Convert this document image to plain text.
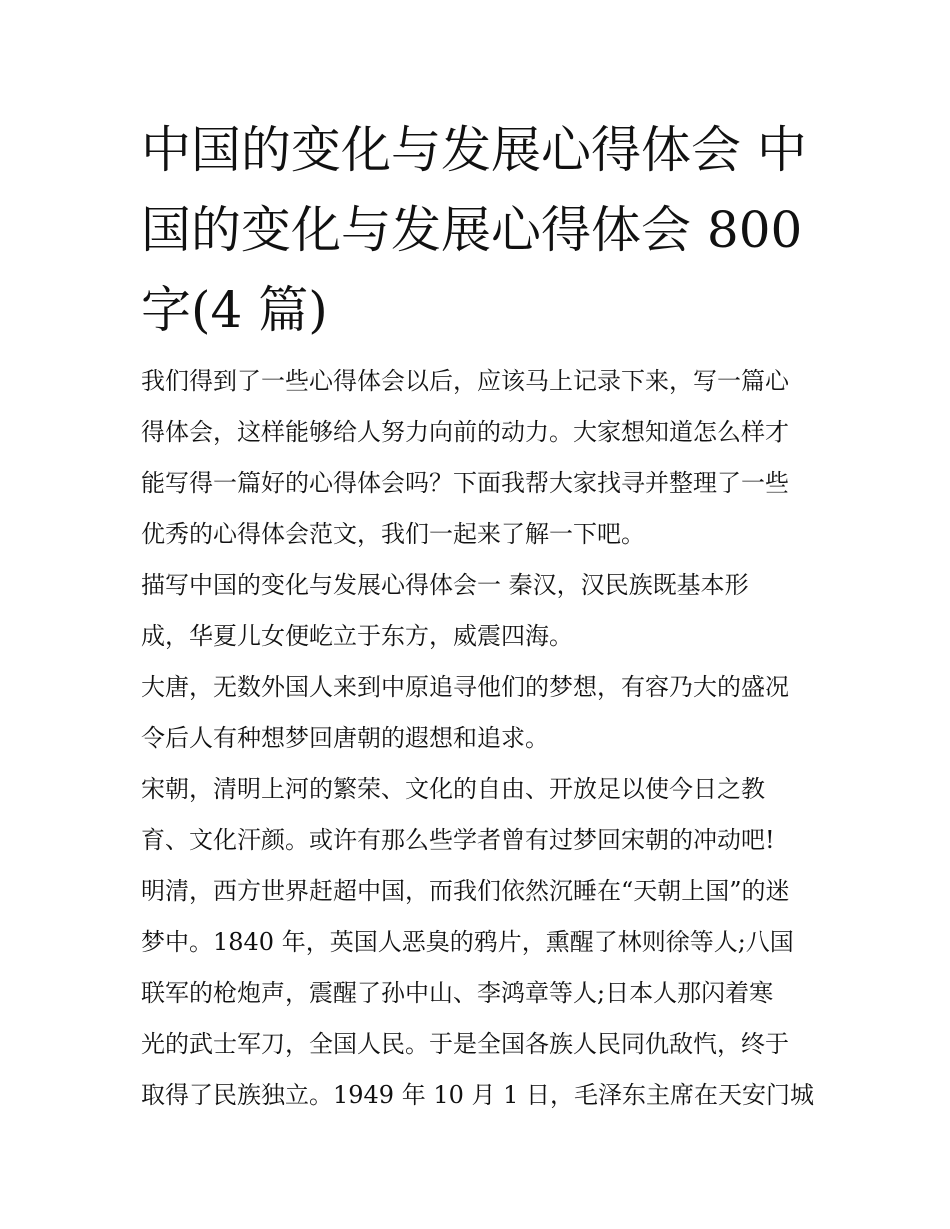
中国的变化与发展心得体会 中
国的变化与发展心得体会 800
字(4 篇)

我们得到了一些心得体会以后，应该马上记录下来，写一篇心
得体会，这样能够给人努力向前的动力。大家想知道怎么样才
能写得一篇好的心得体会吗？下面我帮大家找寻并整理了一些
优秀的心得体会范文，我们一起来了解一下吧。

描写中国的变化与发展心得体会一 秦汉，汉民族既基本形
成，华夏儿女便屹立于东方，威震四海。

大唐，无数外国人来到中原追寻他们的梦想，有容乃大的盛况
令后人有种想梦回唐朝的遐想和追求。

宋朝，清明上河的繁荣、文化的自由、开放足以使今日之教
育、文化汗颜。或许有那么些学者曾有过梦回宋朝的冲动吧!

明清，西方世界赶超中国，而我们依然沉睡在“天朝上国”的迷
梦中。1840 年，英国人恶臭的鸦片，熏醒了林则徐等人;八国
联军的枪炮声，震醒了孙中山、李鸿章等人;日本人那闪着寒
光的武士军刀，全国人民。于是全国各族人民同仇敌忾，终于
取得了民族独立。1949 年 10 月 1 日，毛泽东主席在天安门城
